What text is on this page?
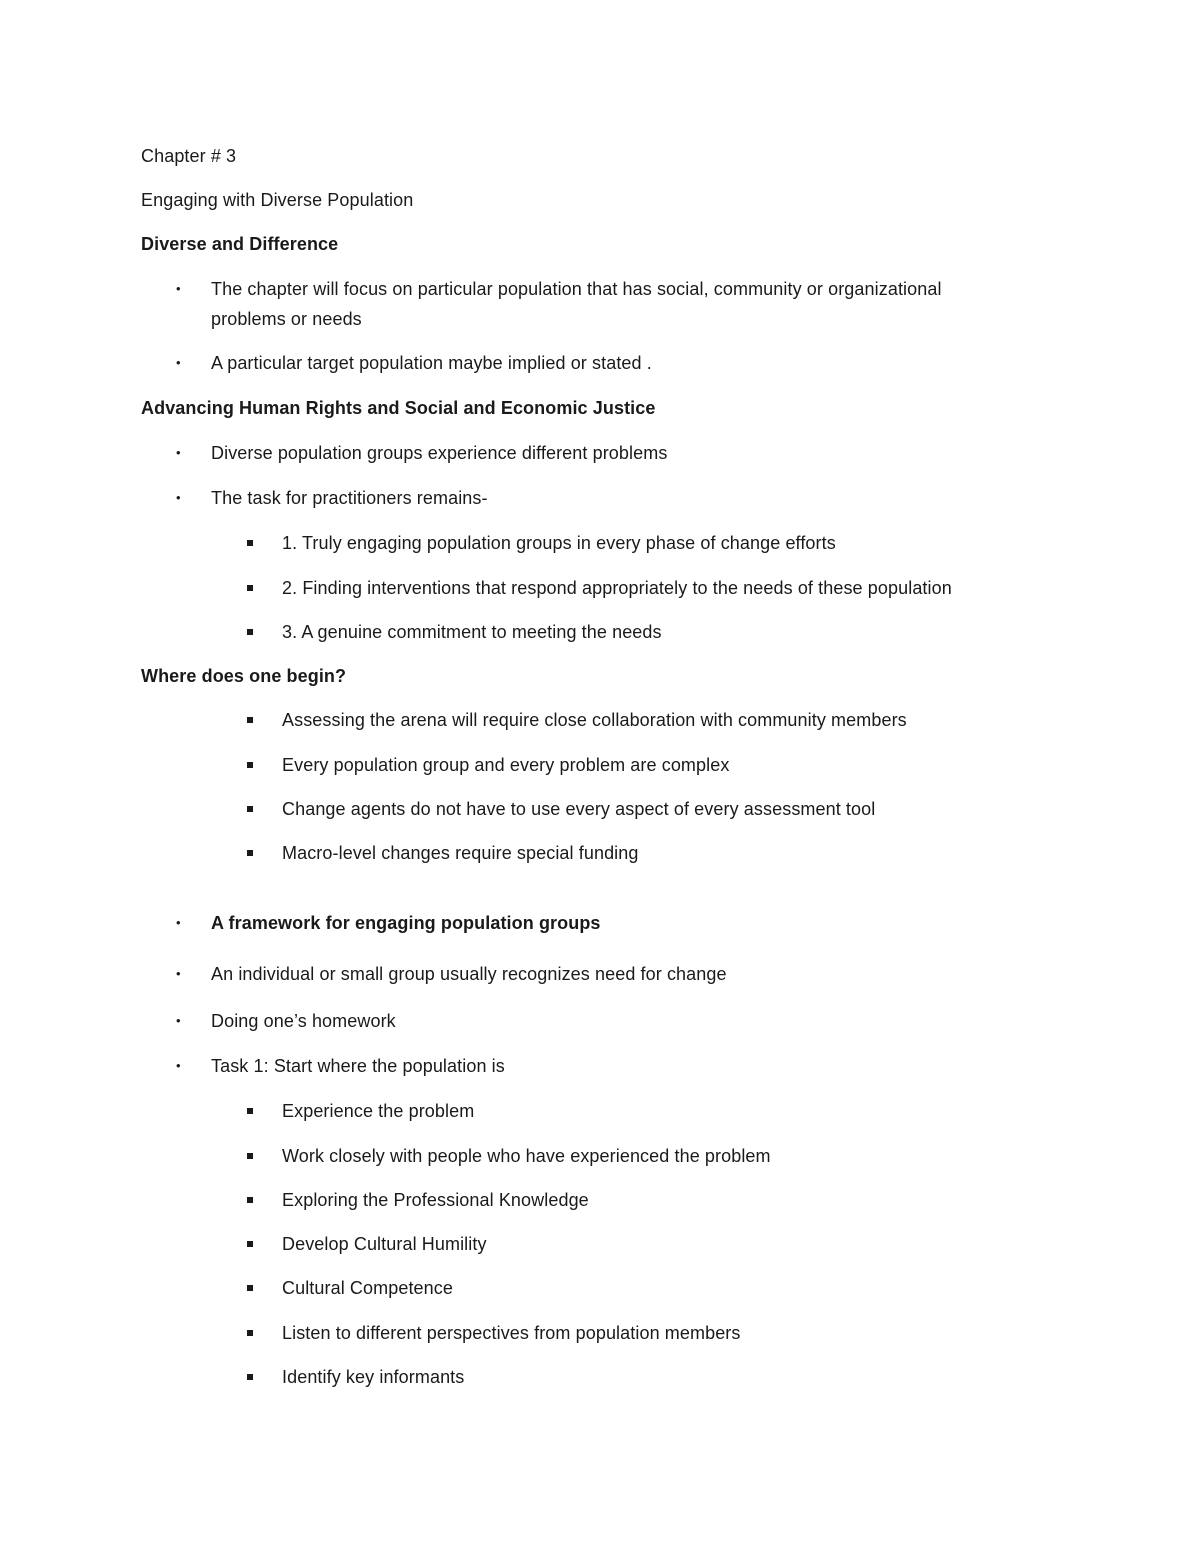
Chapter # 3
Engaging with Diverse Population
Diverse and Difference
• The chapter will focus on particular population that has social, community or organizational
problems or needs
• A particular target population maybe implied or stated .
Advancing Human Rights and Social and Economic Justice
• Diverse population groups experience different problems
• The task for practitioners remains-
1. Truly engaging population groups in every phase of change efforts
2. Finding interventions that respond appropriately to the needs of these population
3. A genuine commitment to meeting the needs
Where does one begin?
Assessing the arena will require close collaboration with community members
Every population group and every problem are complex
Change agents do not have to use every aspect of every assessment tool
Macro-level changes require special funding
• A framework for engaging population groups
• An individual or small group usually recognizes need for change
• Doing one’s homework
• Task 1: Start where the population is
Experience the problem
Work closely with people who have experienced the problem
Exploring the Professional Knowledge
Develop Cultural Humility
Cultural Competence
Listen to different perspectives from population members
Identify key informants
